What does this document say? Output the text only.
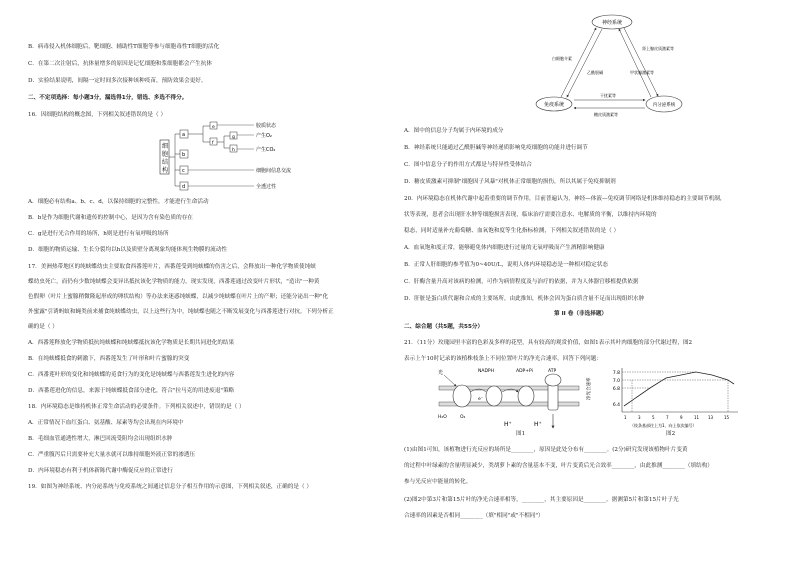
B．病毒侵入机体细胞后，靶细胞、辅助性T细胞等参与细胞毒性T细胞的活化
C．在第二次注射后，抗体量增多的原因是记忆细胞和浆细胞都会产生抗体
D．实验结果说明，间隔一定时间多次接种该种疫苗，预防效果会更好。
二、不定项选择：每小题3分，漏选得1分，错选、多选不得分。
16．因细胞结构的概念图，下列相关叙述错误的是（ ）
细
胞
结
构
a
b
c
d
e
f
g
h
胶质状态
产生O₂
产生CO₂
细胞间信息交流
全透过性
A．细胞必有结构a、b、c、d，以保持细胞的完整性，才能进行生命活动
B．b是作为细胞代谢和遗传的控制中心，是因为含有染色质的存在
C．g是进行光合作用的场所，h则是进行有氧呼吸的场所
D．细胞的物质运输、生长分裂均以h以及质壁分离现象均能体现生物膜的流动性
17．美洲热带地区的纯蛱蝶幼虫主要取食西番莲叶片，西番莲受到纯蛱蝶的伤害之后，会释放出一种化学物质使纯蛱
蝶幼虫死亡，而仍有少数纯蛱蝶会变异出抵抗该化学物质的能力，现实发现，西番莲通过改变叶片形状，"造出"一种黄
色假卵（叶片上蜜腺稍微隆起形成的卵状结构）等办法来迷惑纯蛱蝶，以减少纯蛱蝶在叶片上的产卵；还能分泌出一种"化
外蜜露"引诱蚂蚁和蝇类前来捕食纯蛱蝶幼虫，以上这些行为中，纯蛱蝶也随之不断发展变化与西番莲进行对抗。下列分析正
确的是（ ）
A．西番莲释放化学物质抵抗纯蛱蝶和纯蛱蝶抵抗该化学物质是长期共同进化的结果
B．在纯蛱蝶抵食的刺激下，西番莲发生了叶形和叶片蜜腺的突变
C．西番莲叶形的变化和纯蛱蝶的觅食行为的变化是纯蛱蝶与西番莲发生进化的内容
D．西番莲进化的信息，来源于纯蛱蝶抵食部分进化，符合"拉马克的用进废退"策略
18．内环境稳态是维持机体正常生命活动的必要条件。下列相关叙述中，错误的是（ ）
A．正常情况下血红蛋白、氨基酸、尿素等均会出现在内环境中
B．毛细血管通透性增大，淋巴回流受阻均会出现组织水肿
C．严重腹泻后只需要补充大量水就可以维持细胞外液正常的渗透压
D．内环境稳态有利于机体新陈代谢中酶促反应的正常进行
19．如图为神经系统、内分泌系统与免疫系统之间通过信息分子相互作用的示意图，下列相关叙述，正确的是（ ）
神经系统
免疫系统	内分泌系统
白细胞介素
乙酰胆碱
肾上腺皮质激素等
甲状腺激素等
干扰素等
糖皮质激素等
A．图中的信息分子均属于内环境的成分
B．神经系统只能通过乙酰胆碱等神经递质影响免疫细胞的功能并进行调节
C．图中信息分子的作用方式都是与特异性受体结合
D．糖皮质激素可抑制"细胞因子风暴"对机体正常细胞的损伤，所以其属于免疫抑制剂
20．内环境稳态在机体代谢中起着重要的调节作用，目前普遍认为，神经—体液—免疫调节网络是机体维持稳态的主要调节机制，
状等表现，患者会出现肝水肿等细胞损害表现，临床治疗需要注意水、电解质的平衡，以维持内环境的
稳态，同时适量补充葡萄糖、血氧饱和度等生化指标检测，下列相关叙述错误的是（ ）
A．血氧饱和度正常，能够避免体内细胞进行过量的无氧呼吸而产生酒精影响健康
B．正常人肝细胞的参考值为0~40U/L，说明人体内环境稳态是一种相对稳定状态
C．肝酶含量升高对该病的检测，可作为病情程度及与治疗的依据，并为人体器官移植提供依据
D．肝脏是蛋白质代谢和合成的主要场所，由此推知，机体会因为蛋白质含量不足而出现组织水肿
第 II 卷（非选择题）
二、综合题（共5题，共55分）
21．（11分）玫瑰园里丰富的色彩及多样的花型，具有较高的观赏价值，如图1表示其叶肉细胞的部分代谢过程，图2
表示上午10时记录的该植株枝条上不同位置叶片的净光合速率。回答下列问题：
光	NADPH	ADP+Pi	ATP
H⁺	H⁺
H₂O	O₂
e⁻
图1
净光合速率
7.8
7.0
6.8
6.4
1	3	5	7	9	11 13	15
（枝条基部往上为1，向上依次编号）
图2
(1)由图1可知，该植物进行光反应的场所是________，原因是此处分布有________。(2分)研究发现该植物叶片变黄
的过程中叶绿素的含量明显减少，类胡萝卜素的含量基本不变，叶片变黄后光合效率________，由此推测________（填结构）
参与光反应中能量的转化。
(2)图2中第3片和第15片叶的净光合速率相等，________，其主要原因是________。据测第5片和第15片叶子光
合速率的因素是否相同________（填"相同"或"不相同"）
